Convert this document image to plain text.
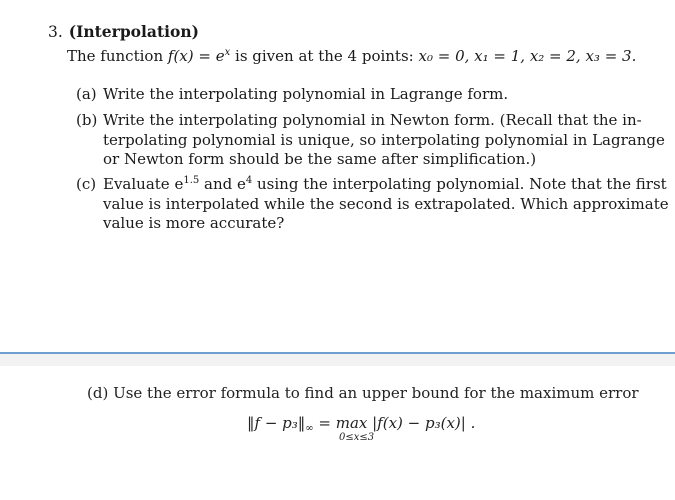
3. (Interpolation)
The function $f(x) = e^x$ is given at the 4 points: x₀ = 0, x₁ = 1, x₂ = 2, x₃ = 3.
(a) Write the interpolating polynomial in Lagrange form.
(b) Write the interpolating polynomial in Newton form. (Recall that the in-
terpolating polynomial is unique, so interpolating polynomial in Lagrange
or Newton form should be the same after simplification.)
(c) Evaluate $e^{1.5}$ and $e^4$ using the interpolating polynomial. Note that the first
value is interpolated while the second is extrapolated. Which approximate
value is more accurate?
(d) Use the error formula to find an upper bound for the maximum error
‖f − $p_3‖_\infty = \max |f(x) - p_3(x)|$ .
0≤x≤3
